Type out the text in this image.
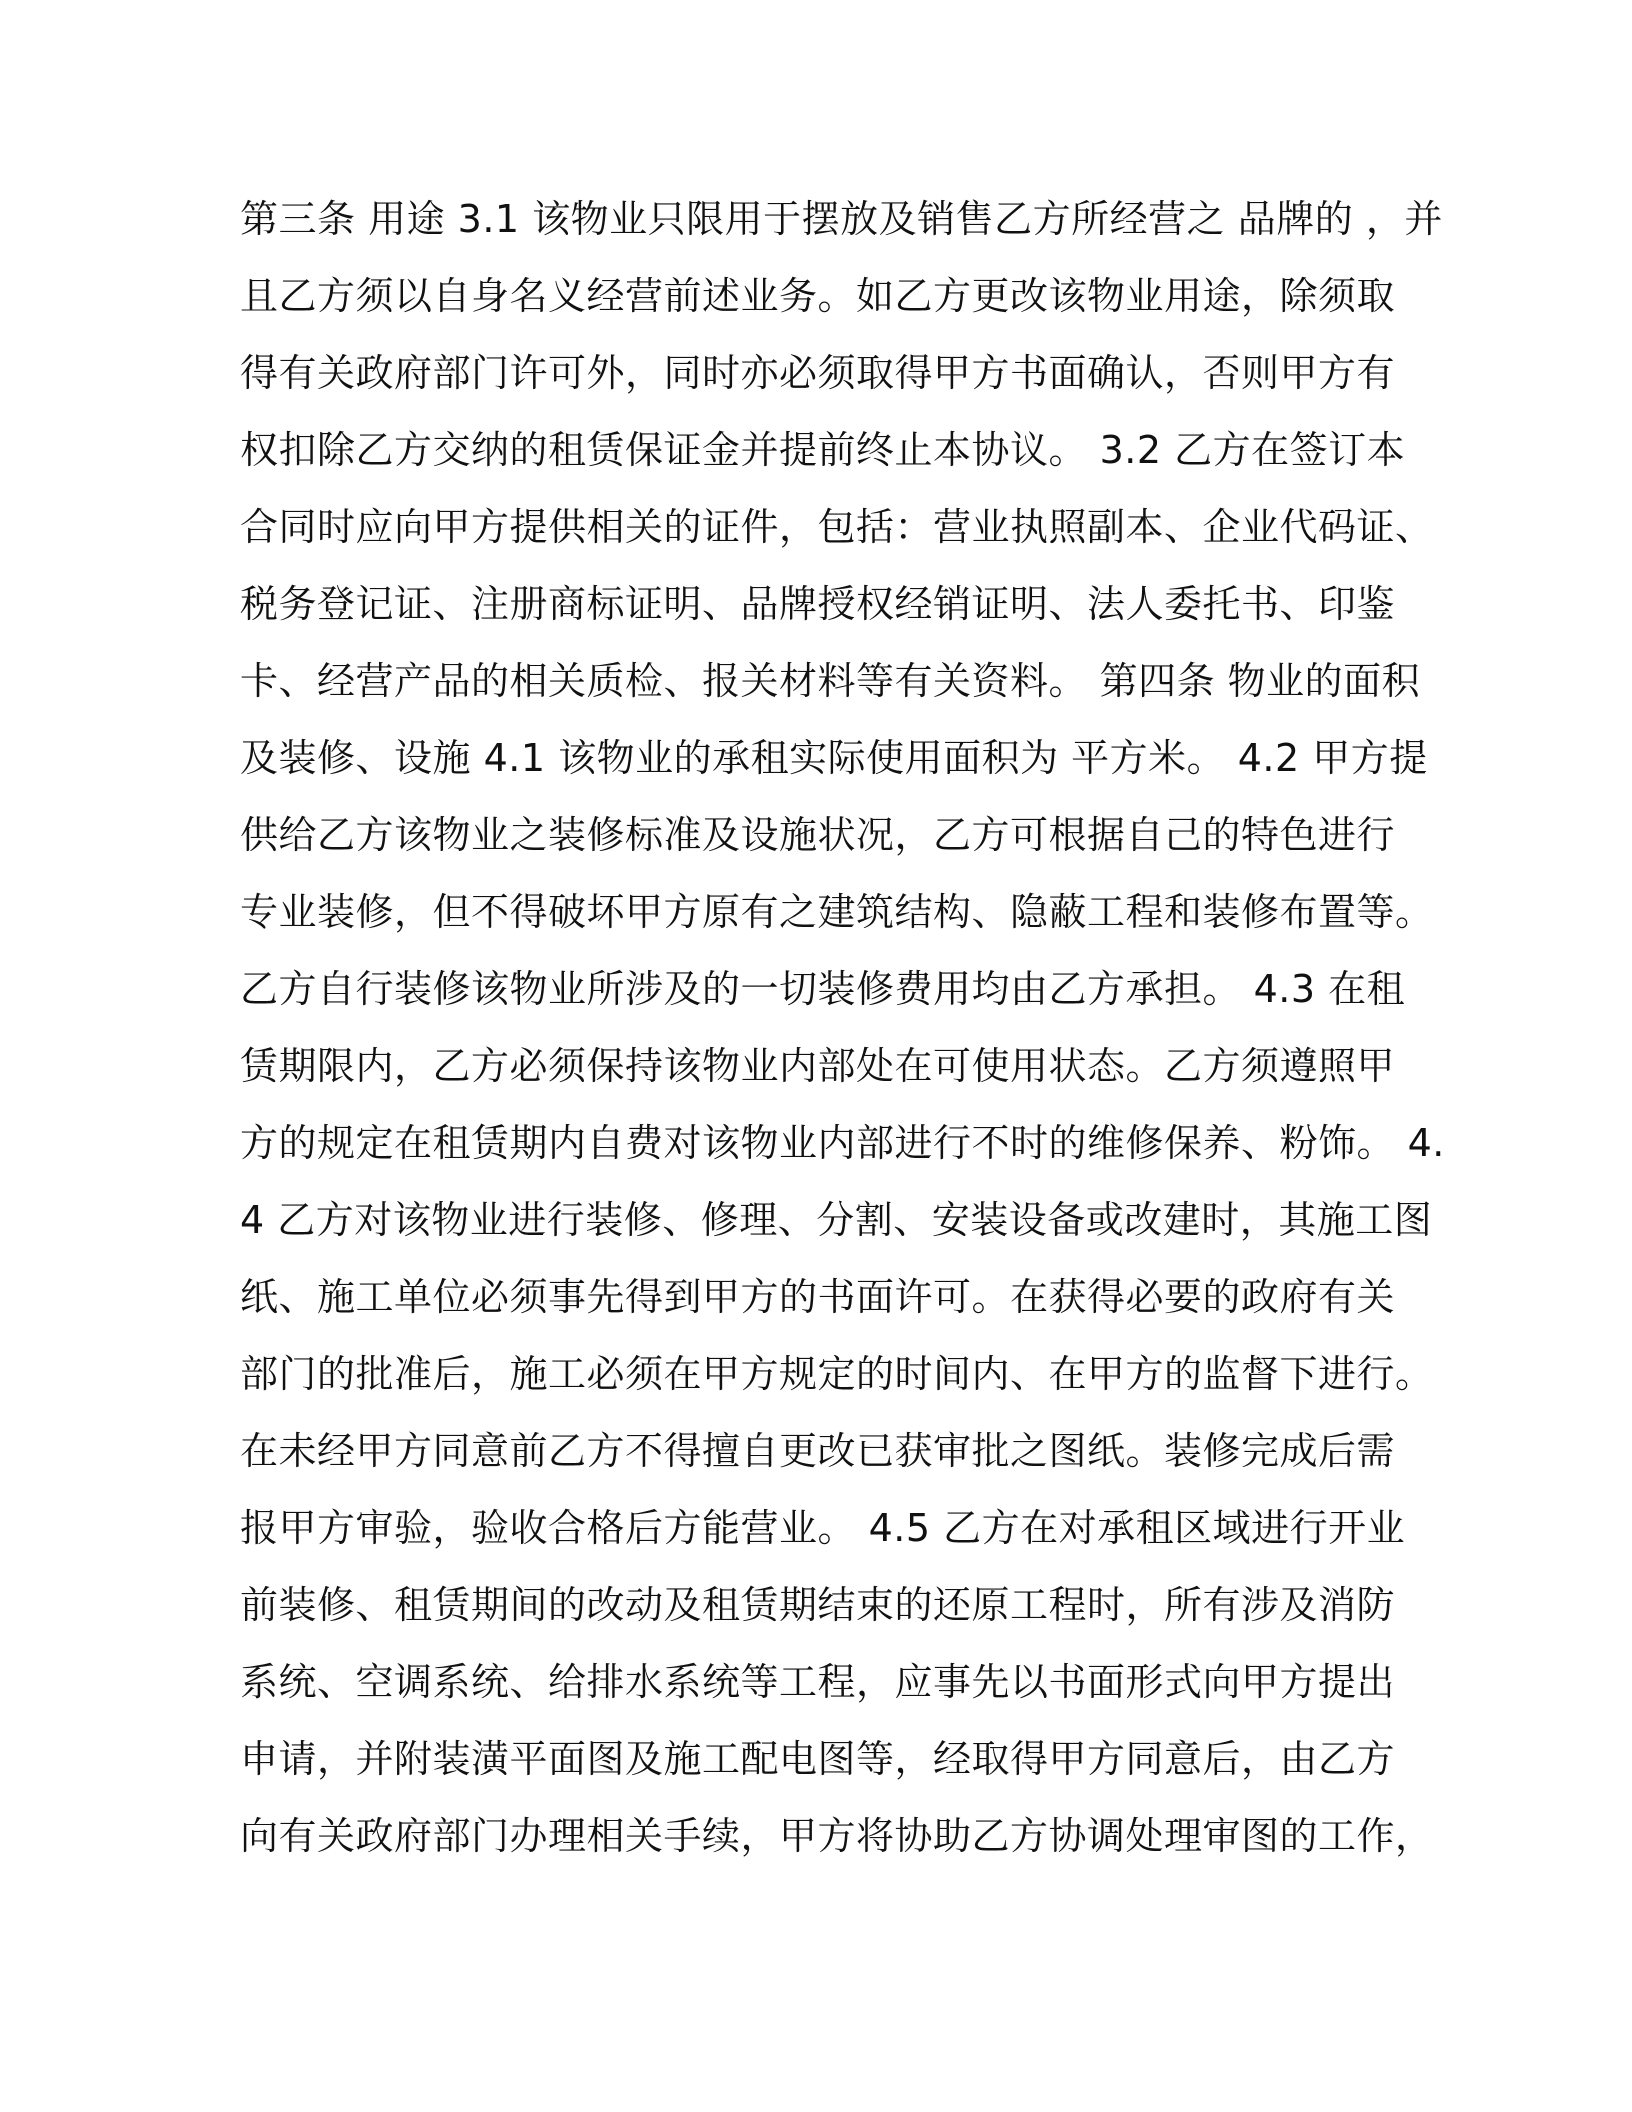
第三条 用途 3.1 该物业只限用于摆放及销售乙方所经营之 品牌的 ，并
且乙方须以自身名义经营前述业务。如乙方更改该物业用途，除须取
得有关政府部门许可外，同时亦必须取得甲方书面确认，否则甲方有
权扣除乙方交纳的租赁保证金并提前终止本协议。 3.2 乙方在签订本
合同时应向甲方提供相关的证件，包括：营业执照副本、企业代码证、
税务登记证、注册商标证明、品牌授权经销证明、法人委托书、印鉴
卡、经营产品的相关质检、报关材料等有关资料。 第四条 物业的面积
及装修、设施 4.1 该物业的承租实际使用面积为 平方米。 4.2 甲方提
供给乙方该物业之装修标准及设施状况，乙方可根据自己的特色进行
专业装修，但不得破坏甲方原有之建筑结构、隐蔽工程和装修布置等。
乙方自行装修该物业所涉及的一切装修费用均由乙方承担。 4.3 在租
赁期限内，乙方必须保持该物业内部处在可使用状态。乙方须遵照甲
方的规定在租赁期内自费对该物业内部进行不时的维修保养、粉饰。 4.
4 乙方对该物业进行装修、修理、分割、安装设备或改建时，其施工图
纸、施工单位必须事先得到甲方的书面许可。在获得必要的政府有关
部门的批准后，施工必须在甲方规定的时间内、在甲方的监督下进行。
在未经甲方同意前乙方不得擅自更改已获审批之图纸。装修完成后需
报甲方审验，验收合格后方能营业。 4.5 乙方在对承租区域进行开业
前装修、租赁期间的改动及租赁期结束的还原工程时，所有涉及消防
系统、空调系统、给排水系统等工程，应事先以书面形式向甲方提出
申请，并附装潢平面图及施工配电图等，经取得甲方同意后，由乙方
向有关政府部门办理相关手续，甲方将协助乙方协调处理审图的工作，
